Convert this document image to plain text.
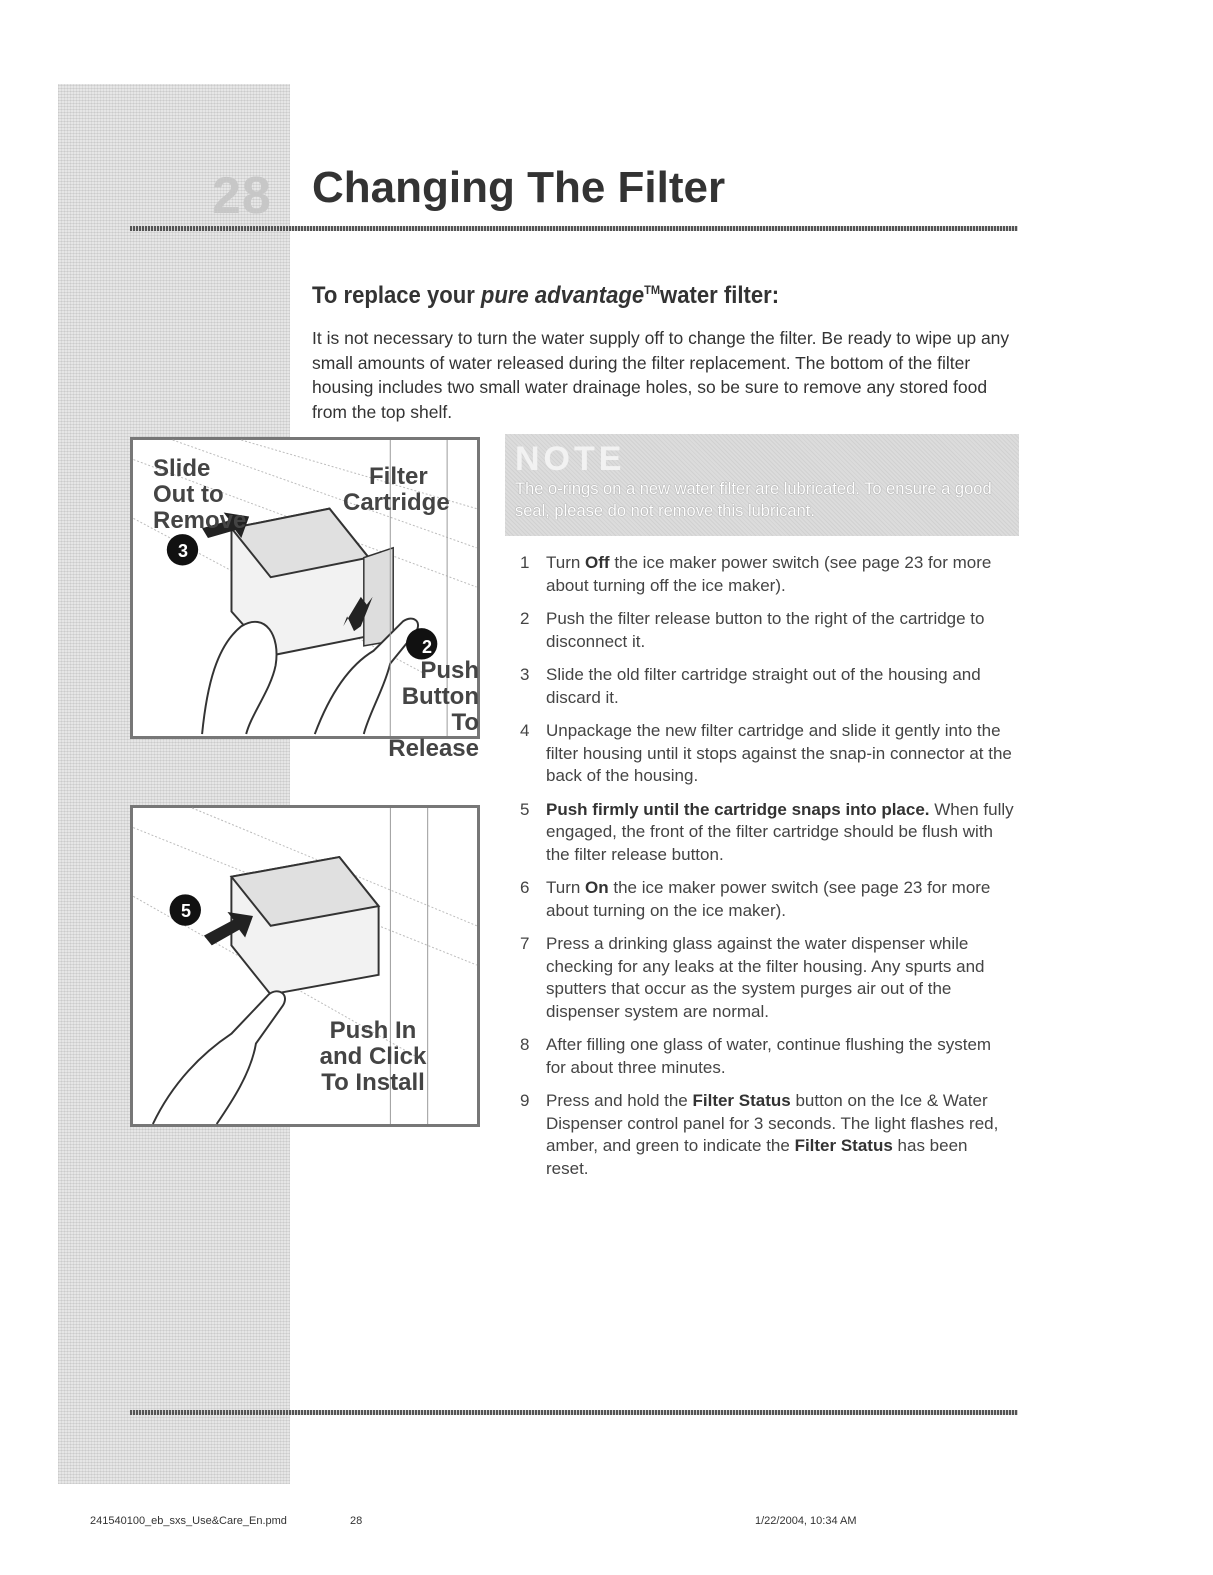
28 Changing The Filter
To replace your pure advantage™water filter:

It is not necessary to turn the water supply off to change the filter. Be ready to wipe up any small amounts of water released during the filter replacement. The bottom of the filter housing includes two small water drainage holes, so be sure to remove any stored food from the top shelf.

Slide
Out to
Remove
Filter
Cartridge
Push
Button
To
Release
3
2
Push In
and Click
To Install
5
NOTE
The o-rings on a new water filter are lubricated. To ensure a good seal, please do not remove this lubricant.
1 Turn Off the ice maker power switch (see page 23 for more about turning off the ice maker).
2 Push the filter release button to the right of the cartridge to disconnect it.
3 Slide the old filter cartridge straight out of the housing and discard it.
4 Unpackage the new filter cartridge and slide it gently into the filter housing until it stops against the snap-in connector at the back of the housing.
5 Push firmly until the cartridge snaps into place. When fully engaged, the front of the filter cartridge should be flush with the filter release button.
6 Turn On the ice maker power switch (see page 23 for more about turning on the ice maker).
7 Press a drinking glass against the water dispenser while checking for any leaks at the filter housing. Any spurts and sputters that occur as the system purges air out of the dispenser system are normal.
8 After filling one glass of water, continue flushing the system for about three minutes.
9 Press and hold the Filter Status button on the Ice & Water Dispenser control panel for 3 seconds. The light flashes red, amber, and green to indicate the Filter Status has been reset.
241540100_eb_sxs_Use&Care_En.pmd	28	1/22/2004, 10:34 AM
